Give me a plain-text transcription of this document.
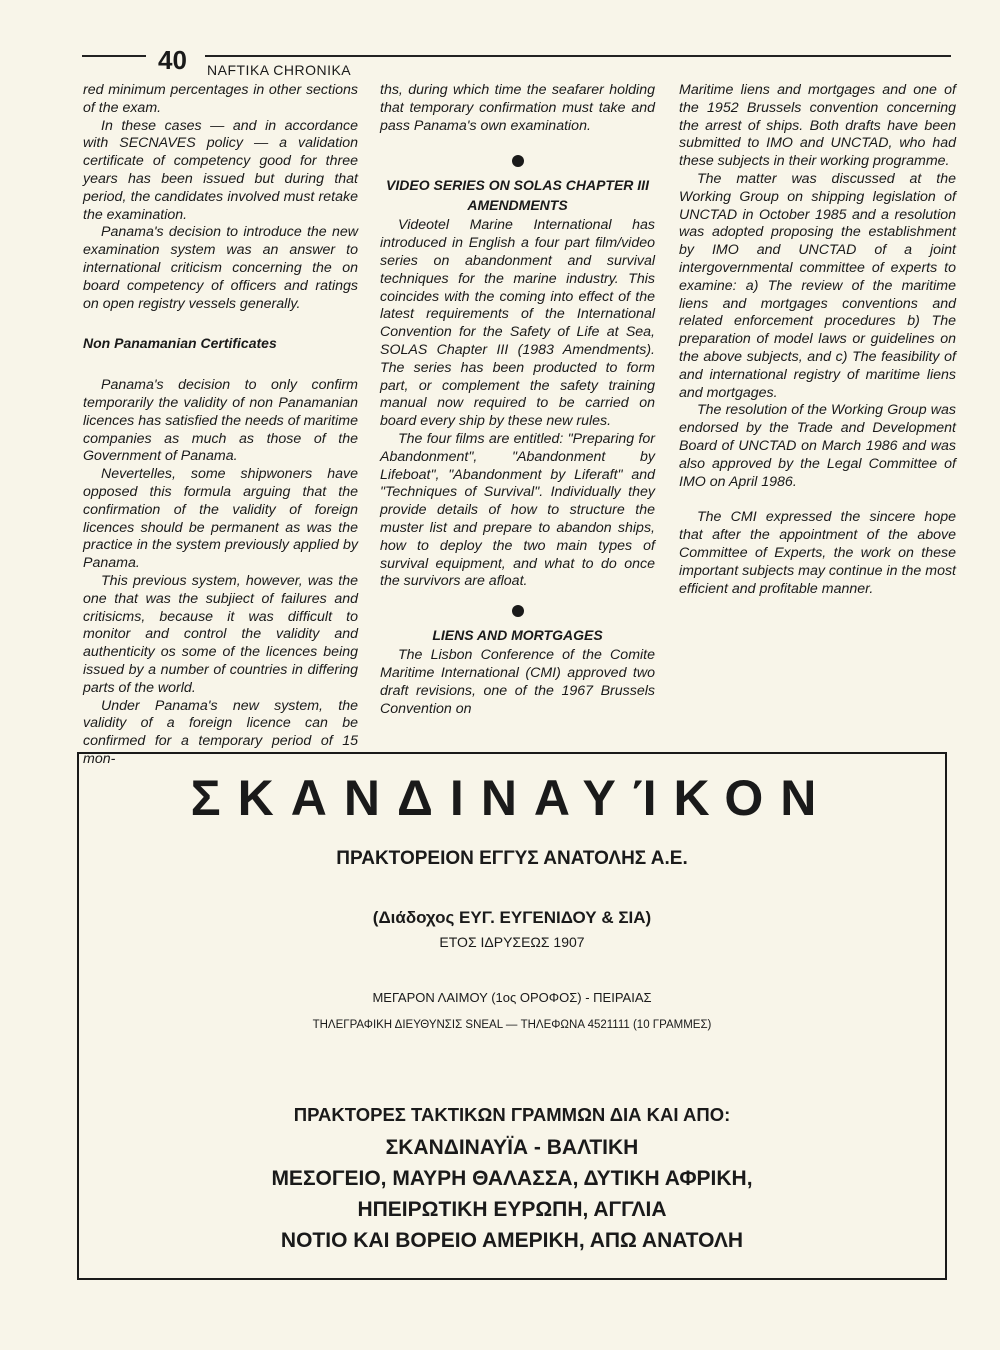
40 NAFTIKA CHRONIKA

red minimum percentages in other sections of the exam.

In these cases — and in accordance with SECNAVES policy — a validation certificate of competency good for three years has been issued but during that period, the candidates involved must retake the examination.

Panama's decision to introduce the new examination system was an answer to international criticism concerning the on board competency of officers and ratings on open registry vessels generally.

Non Panamanian Certificates

Panama's decision to only confirm temporarily the validity of non Panamanian licences has satisfied the needs of maritime companies as much as those of the Government of Panama.

Nevertelles, some shipwoners have opposed this formula arguing that the confirmation of the validity of foreign licences should be permanent as was the practice in the system previously applied by Panama.

This previous system, however, was the one that was the subjiect of failures and critisicms, because it was difficult to monitor and control the validity and authenticity os some of the licences being issued by a number of countries in differing parts of the world.

Under Panama's new system, the validity of a foreign licence can be confirmed for a temporary period of 15 mon-

ths, during which time the seafarer holding that temporary confirmation must take and pass Panama's own examination.

VIDEO SERIES ON SOLAS CHAPTER III AMENDMENTS

Videotel Marine International has introduced in English a four part film/video series on abandonment and survival techniques for the marine industry. This coincides with the coming into effect of the latest requirements of the International Convention for the Safety of Life at Sea, SOLAS Chapter III (1983 Amendments). The series has been producted to form part, or complement the safety training manual now required to be carried on board every ship by these new rules.

The four films are entitled: "Preparing for Abandonment", "Abandonment by Lifeboat", "Abandonment by Liferaft" and "Techniques of Survival". Individually they provide details of how to structure the muster list and prepare to abandon ships, how to deploy the two main types of survival equipment, and what to do once the survivors are afloat.

LIENS AND MORTGAGES

The Lisbon Conference of the Comite Maritime International (CMI) approved two draft revisions, one of the 1967 Brussels Convention on

Maritime liens and mortgages and one of the 1952 Brussels convention concerning the arrest of ships. Both drafts have been submitted to IMO and UNCTAD, who had these subjects in their working programme.

The matter was discussed at the Working Group on shipping legislation of UNCTAD in October 1985 and a resolution was adopted proposing the establishment by IMO and UNCTAD of a joint intergovernmental committee of experts to examine: a) The review of the maritime liens and mortgages conventions and related enforcement procedures b) The preparation of model laws or guidelines on the above subjects, and c) The feasibility of and international registry of maritime liens and mortgages.

The resolution of the Working Group was endorsed by the Trade and Development Board of UNCTAD on March 1986 and was also approved by the Legal Committee of IMO on April 1986.

The CMI expressed the sincere hope that after the appointment of the above Committee of Experts, the work on these important subjects may continue in the most efficient and profitable manner.

ΣΚΑΝΔΙΝΑΥΊΚΟΝ
ΠΡΑΚΤΟΡΕΙΟΝ ΕΓΓΥΣ ΑΝΑΤΟΛΗΣ Α.Ε.
(Διάδοχος ΕΥΓ. ΕΥΓΕΝΙΔΟΥ & ΣΙΑ)
ΕΤΟΣ ΙΔΡΥΣΕΩΣ 1907
ΜΕΓΑΡΟΝ ΛΑΙΜΟΥ (1ος ΟΡΟΦΟΣ) - ΠΕΙΡΑΙΑΣ
ΤΗΛΕΓΡΑΦΙΚΗ ΔΙΕΥΘΥΝΣΙΣ SNEAL — ΤΗΛΕΦΩΝΑ 4521111 (10 ΓΡΑΜΜΕΣ)
ΠΡΑΚΤΟΡΕΣ ΤΑΚΤΙΚΩΝ ΓΡΑΜΜΩΝ ΔΙΑ ΚΑΙ ΑΠΟ:
ΣΚΑΝΔΙΝΑΥΪΑ - ΒΑΛΤΙΚΗ
ΜΕΣΟΓΕΙΟ, ΜΑΥΡΗ ΘΑΛΑΣΣΑ, ΔΥΤΙΚΗ ΑΦΡΙΚΗ,
ΗΠΕΙΡΩΤΙΚΗ ΕΥΡΩΠΗ, ΑΓΓΛΙΑ
ΝΟΤΙΟ ΚΑΙ ΒΟΡΕΙΟ ΑΜΕΡΙΚΗ, ΑΠΩ ΑΝΑΤΟΛΗ
